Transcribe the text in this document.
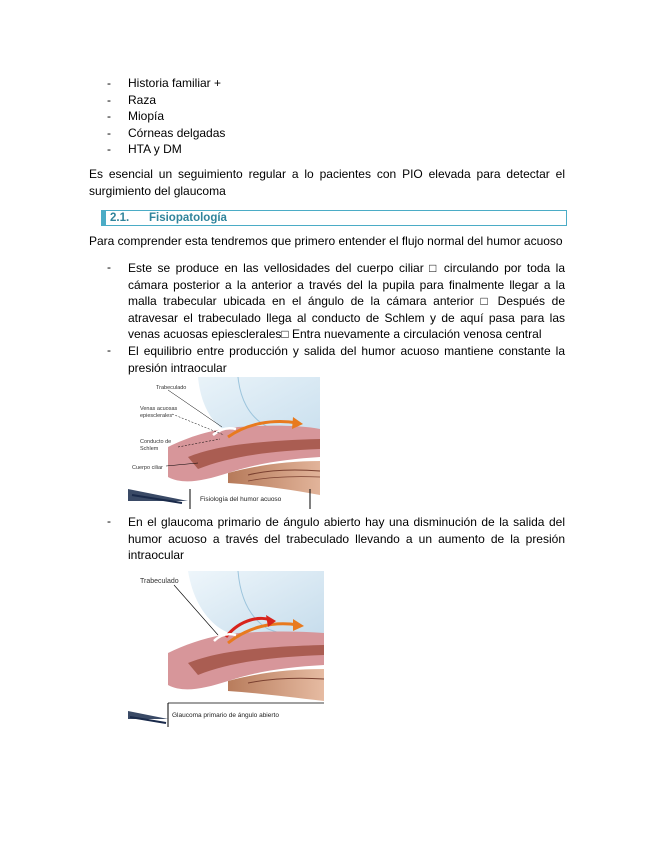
- Historia familiar +
- Raza
- Miopía
- Córneas delgadas
- HTA y DM

Es esencial un seguimiento regular a lo pacientes con PIO elevada para detectar el surgimiento del glaucoma

2.1. Fisiopatología

Para comprender esta tendremos que primero entender el flujo normal del humor acuoso

-	Este se produce en las vellosidades del cuerpo ciliar □ circulando por toda la cámara posterior a la anterior a través del la pupila para finalmente llegar a la malla trabecular ubicada en el ángulo de la cámara anterior □ Después de atravesar el trabeculado llega al conducto de Schlem y de aquí pasa para las venas acuosas epiesclerales□ Entra nuevamente a circulación venosa central
-	El equilibrio entre producción y salida del humor acuoso mantiene constante la presión intraocular
Trabeculado
Venas acuosas
epiesclerales
Conducto de
Schlem
Cuerpo ciliar
Fisiología del humor acuoso
-	En el glaucoma primario de ángulo abierto hay una disminución de la salida del humor acuoso a través del trabeculado llevando a un aumento de la presión intraocular
Trabeculado
Glaucoma primario de ángulo abierto
